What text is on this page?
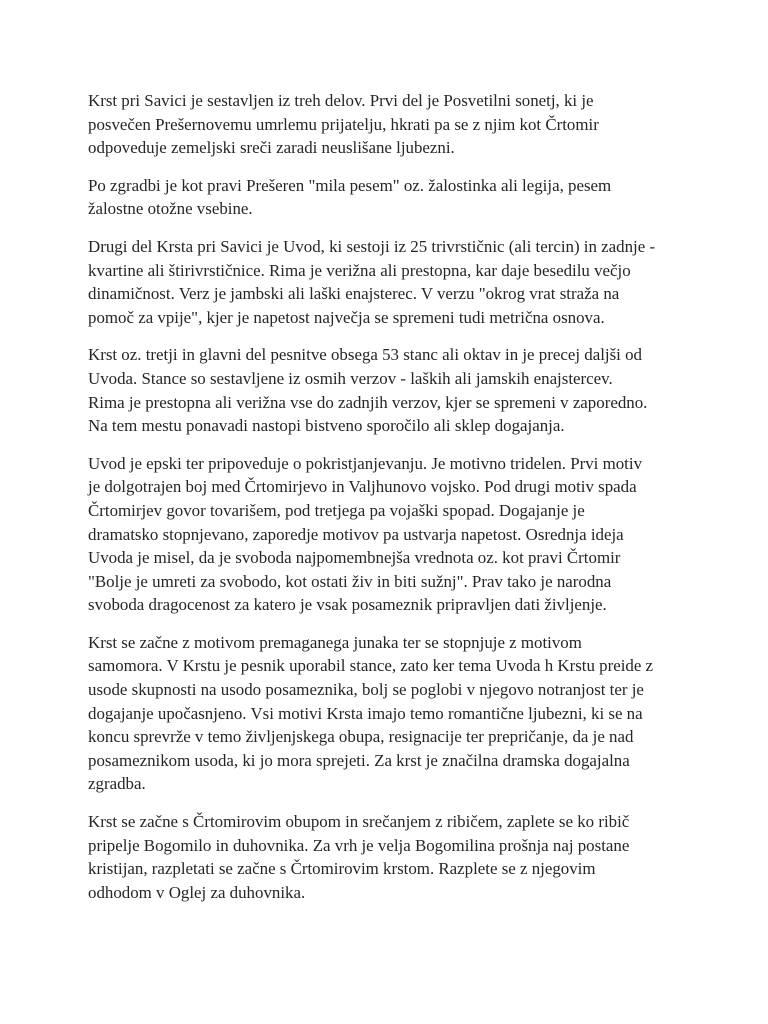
Krst pri Savici je sestavljen iz treh delov. Prvi del je Posvetilni sonetj, ki je
posvečen Prešernovemu umrlemu prijatelju, hkrati pa se z njim kot Črtomir
odpoveduje zemeljski sreči zaradi neuslišane ljubezni.

Po zgradbi je kot pravi Prešeren "mila pesem" oz. žalostinka ali legija, pesem
žalostne otožne vsebine.

Drugi del Krsta pri Savici je Uvod, ki sestoji iz 25 trivrstičnic (ali tercin) in zadnje -
kvartine ali štirivrstičnice. Rima je verižna ali prestopna, kar daje besedilu večjo
dinamičnost. Verz je jambski ali laški enajsterec. V verzu "okrog vrat straža na
pomoč za vpije", kjer je napetost največja se spremeni tudi metrična osnova.

Krst oz. tretji in glavni del pesnitve obsega 53 stanc ali oktav in je precej daljši od
Uvoda. Stance so sestavljene iz osmih verzov - laških ali jamskih enajstercev.
Rima je prestopna ali verižna vse do zadnjih verzov, kjer se spremeni v zaporedno.
Na tem mestu ponavadi nastopi bistveno sporočilo ali sklep dogajanja.

Uvod je epski ter pripoveduje o pokristjanjevanju. Je motivno tridelen. Prvi motiv
je dolgotrajen boj med Črtomirjevo in Valjhunovo vojsko. Pod drugi motiv spada
Črtomirjev govor tovarišem, pod tretjega pa vojaški spopad. Dogajanje je
dramatsko stopnjevano, zaporedje motivov pa ustvarja napetost. Osrednja ideja
Uvoda je misel, da je svoboda najpomembnejša vrednota oz. kot pravi Črtomir
"Bolje je umreti za svobodo, kot ostati živ in biti sužnj". Prav tako je narodna
svoboda dragocenost za katero je vsak posameznik pripravljen dati življenje.

Krst se začne z motivom premaganega junaka ter se stopnjuje z motivom
samomora. V Krstu je pesnik uporabil stance, zato ker tema Uvoda h Krstu preide z
usode skupnosti na usodo posameznika, bolj se poglobi v njegovo notranjost ter je
dogajanje upočasnjeno. Vsi motivi Krsta imajo temo romantične ljubezni, ki se na
koncu sprevrže v temo življenjskega obupa, resignacije ter prepričanje, da je nad
posameznikom usoda, ki jo mora sprejeti. Za krst je značilna dramska dogajalna
zgradba.

Krst se začne s Črtomirovim obupom in srečanjem z ribičem, zaplete se ko ribič
pripelje Bogomilo in duhovnika. Za vrh je velja Bogomilina prošnja naj postane
kristijan, razpletati se začne s Črtomirovim krstom. Razplete se z njegovim
odhodom v Oglej za duhovnika.
